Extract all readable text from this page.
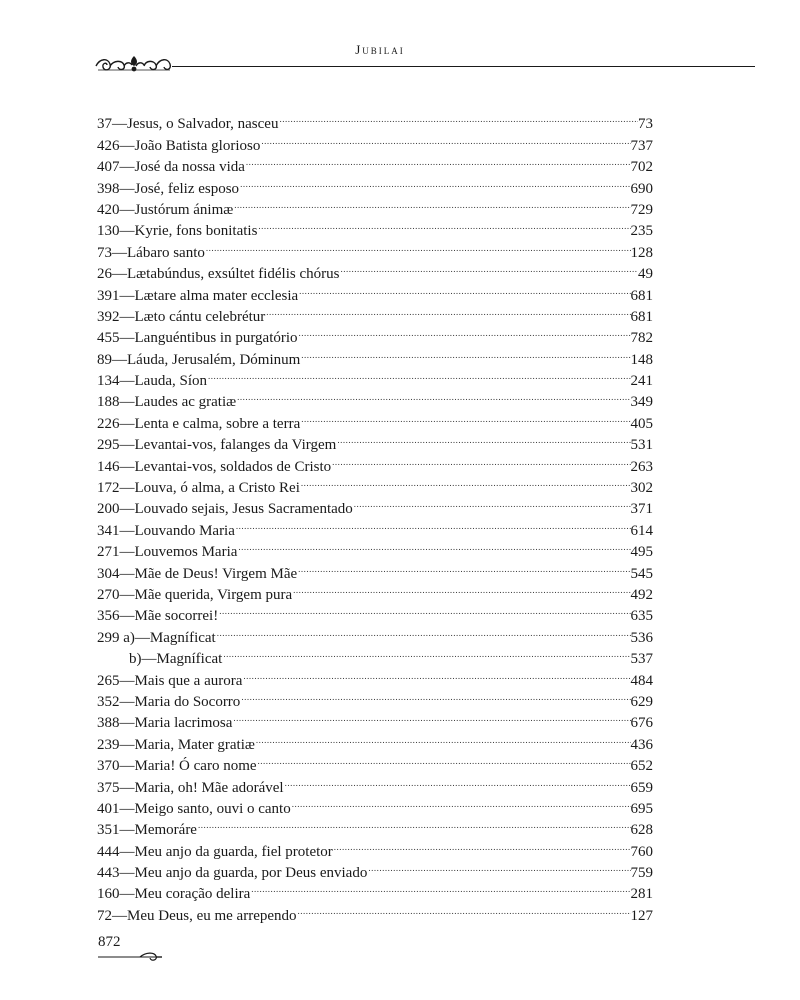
Jubilai
37—Jesus, o Salvador, nasceu .....	73
426—João Batista glorioso .....	737
407—José da nossa vida .....	702
398—José, feliz esposo .....	690
420—Justórum ánimæ .....	729
130—Kyrie, fons bonitatis .....	235
73—Lábaro santo .....	128
26—Lætabúndus, exsúltet fidélis chórus .....	49
391—Lætare alma mater ecclesia .....	681
392—Læto cántu celebrétur .....	681
455—Languéntibus in purgatório .....	782
89—Láuda, Jerusalém, Dóminum .....	148
134—Lauda, Síon .....	241
188—Laudes ac gratiæ .....	349
226—Lenta e calma, sobre a terra .....	405
295—Levantai-vos, falanges da Virgem .....	531
146—Levantai-vos, soldados de Cristo .....	263
172—Louva, ó alma, a Cristo Rei .....	302
200—Louvado sejais, Jesus Sacramentado .....	371
341—Louvando Maria .....	614
271—Louvemos Maria .....	495
304—Mãe de Deus! Virgem Mãe .....	545
270—Mãe querida, Virgem pura .....	492
356—Mãe socorrei! .....	635
299 a)—Magníficat .....	536
b)—Magníficat .....	537
265—Mais que a aurora .....	484
352—Maria do Socorro .....	629
388—Maria lacrimosa .....	676
239—Maria, Mater gratiæ .....	436
370—Maria! Ó caro nome .....	652
375—Maria, oh! Mãe adorável .....	659
401—Meigo santo, ouvi o canto .....	695
351—Memoráre .....	628
444—Meu anjo da guarda, fiel protetor .....	760
443—Meu anjo da guarda, por Deus enviado .....	759
160—Meu coração delira .....	281
72—Meu Deus, eu me arrependo .....	127
872
